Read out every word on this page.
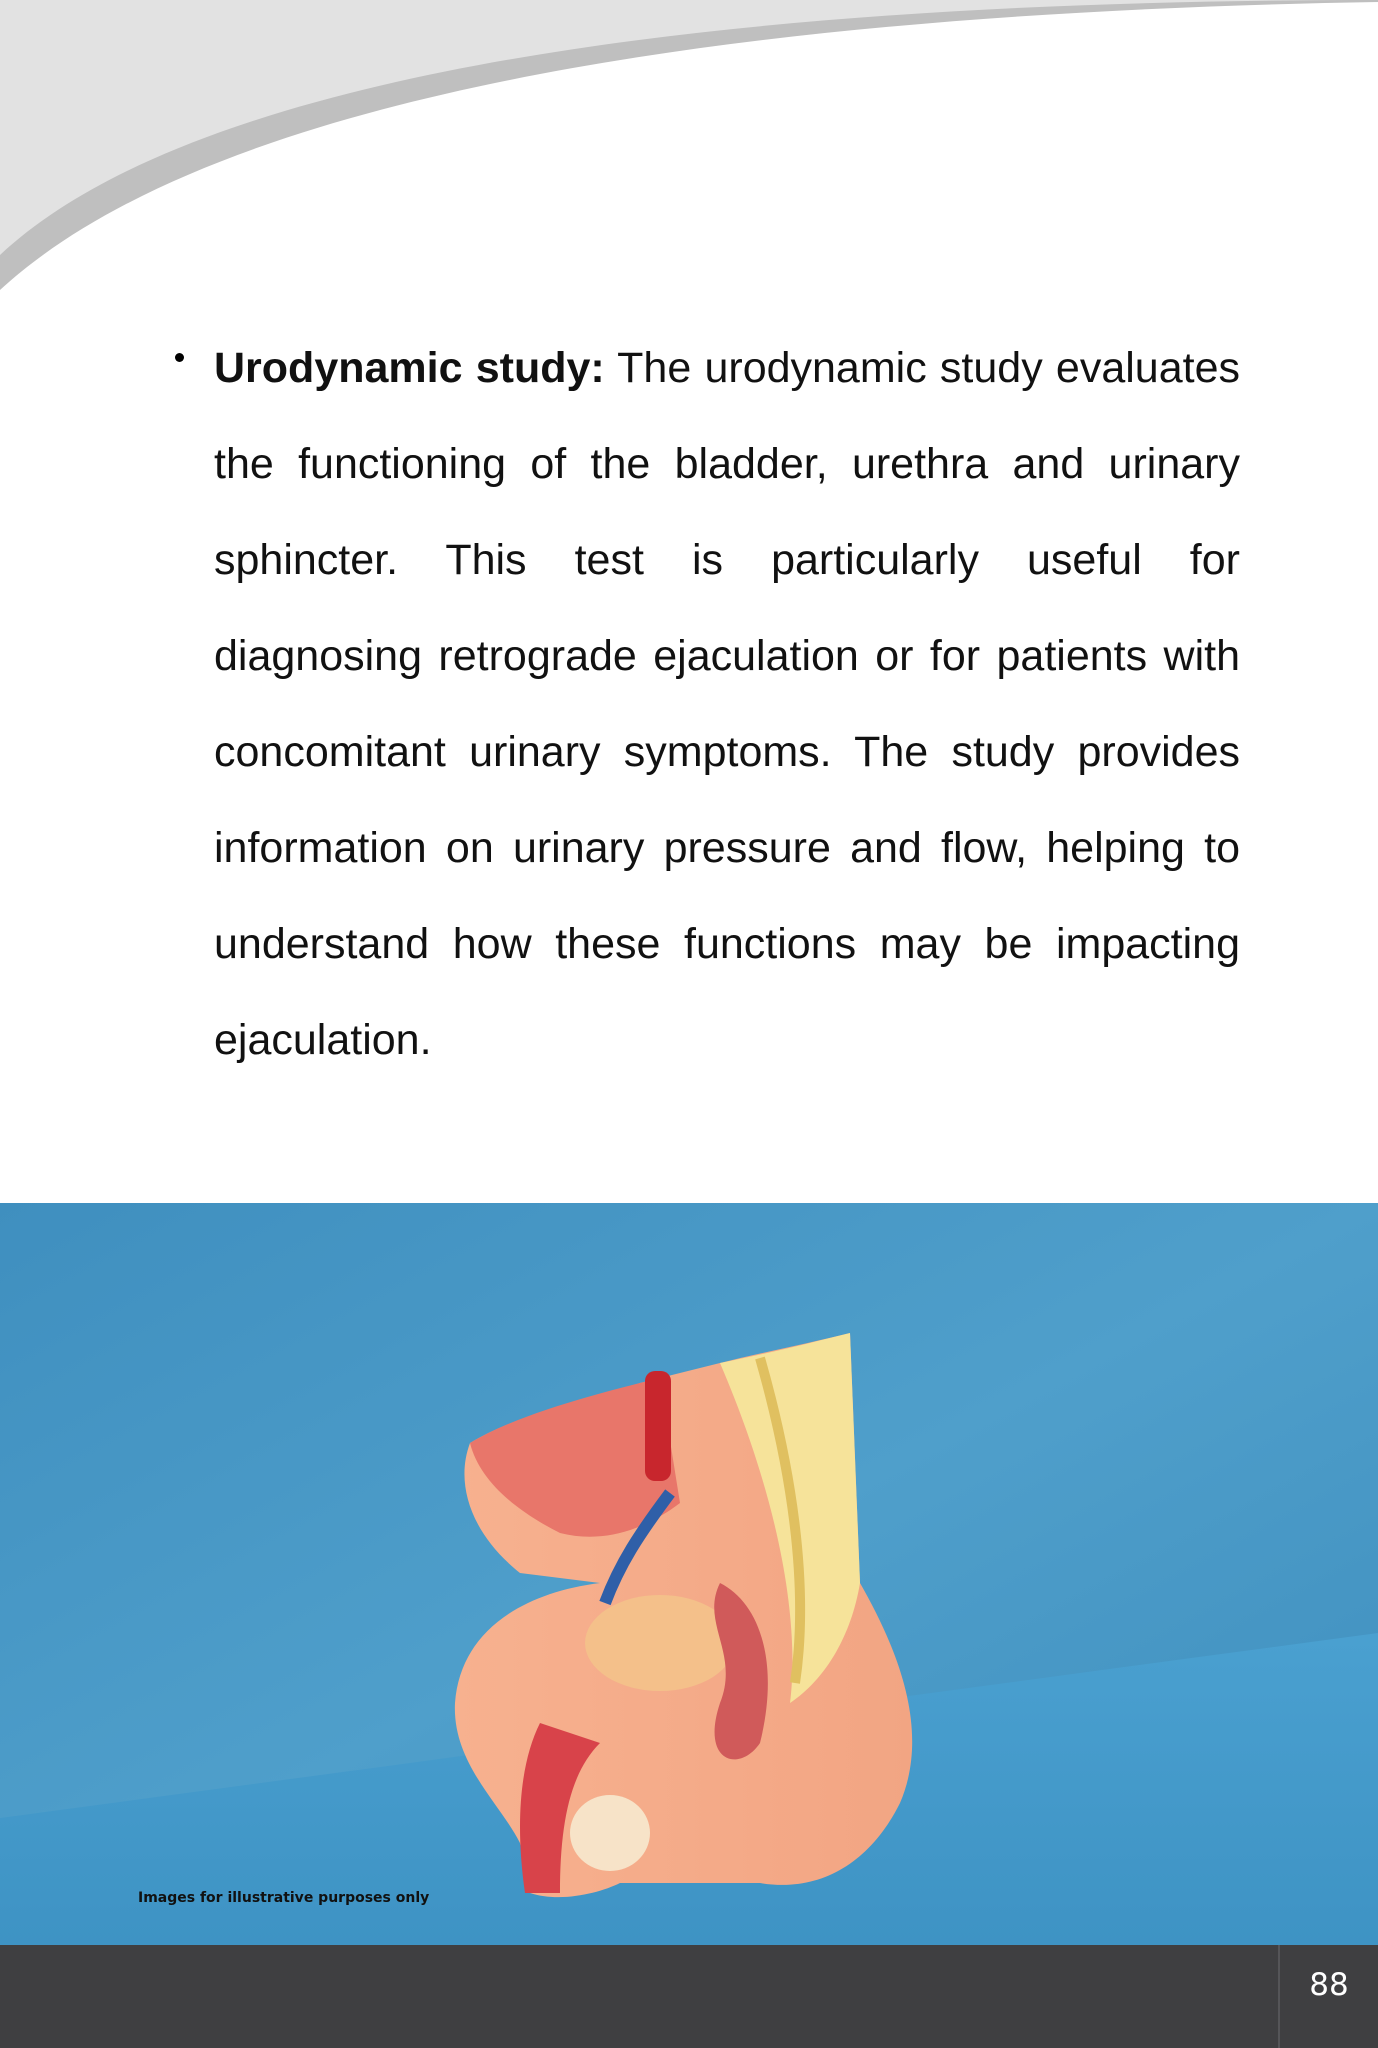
Urodynamic study: The urodynamic study evaluates the functioning of the bladder, urethra and urinary sphincter. This test is particularly useful for diagnosing retrograde ejaculation or for patients with concomitant urinary symptoms. The study provides information on urinary pressure and flow, helping to understand how these functions may be impacting ejaculation.

Images for illustrative purposes only
88
